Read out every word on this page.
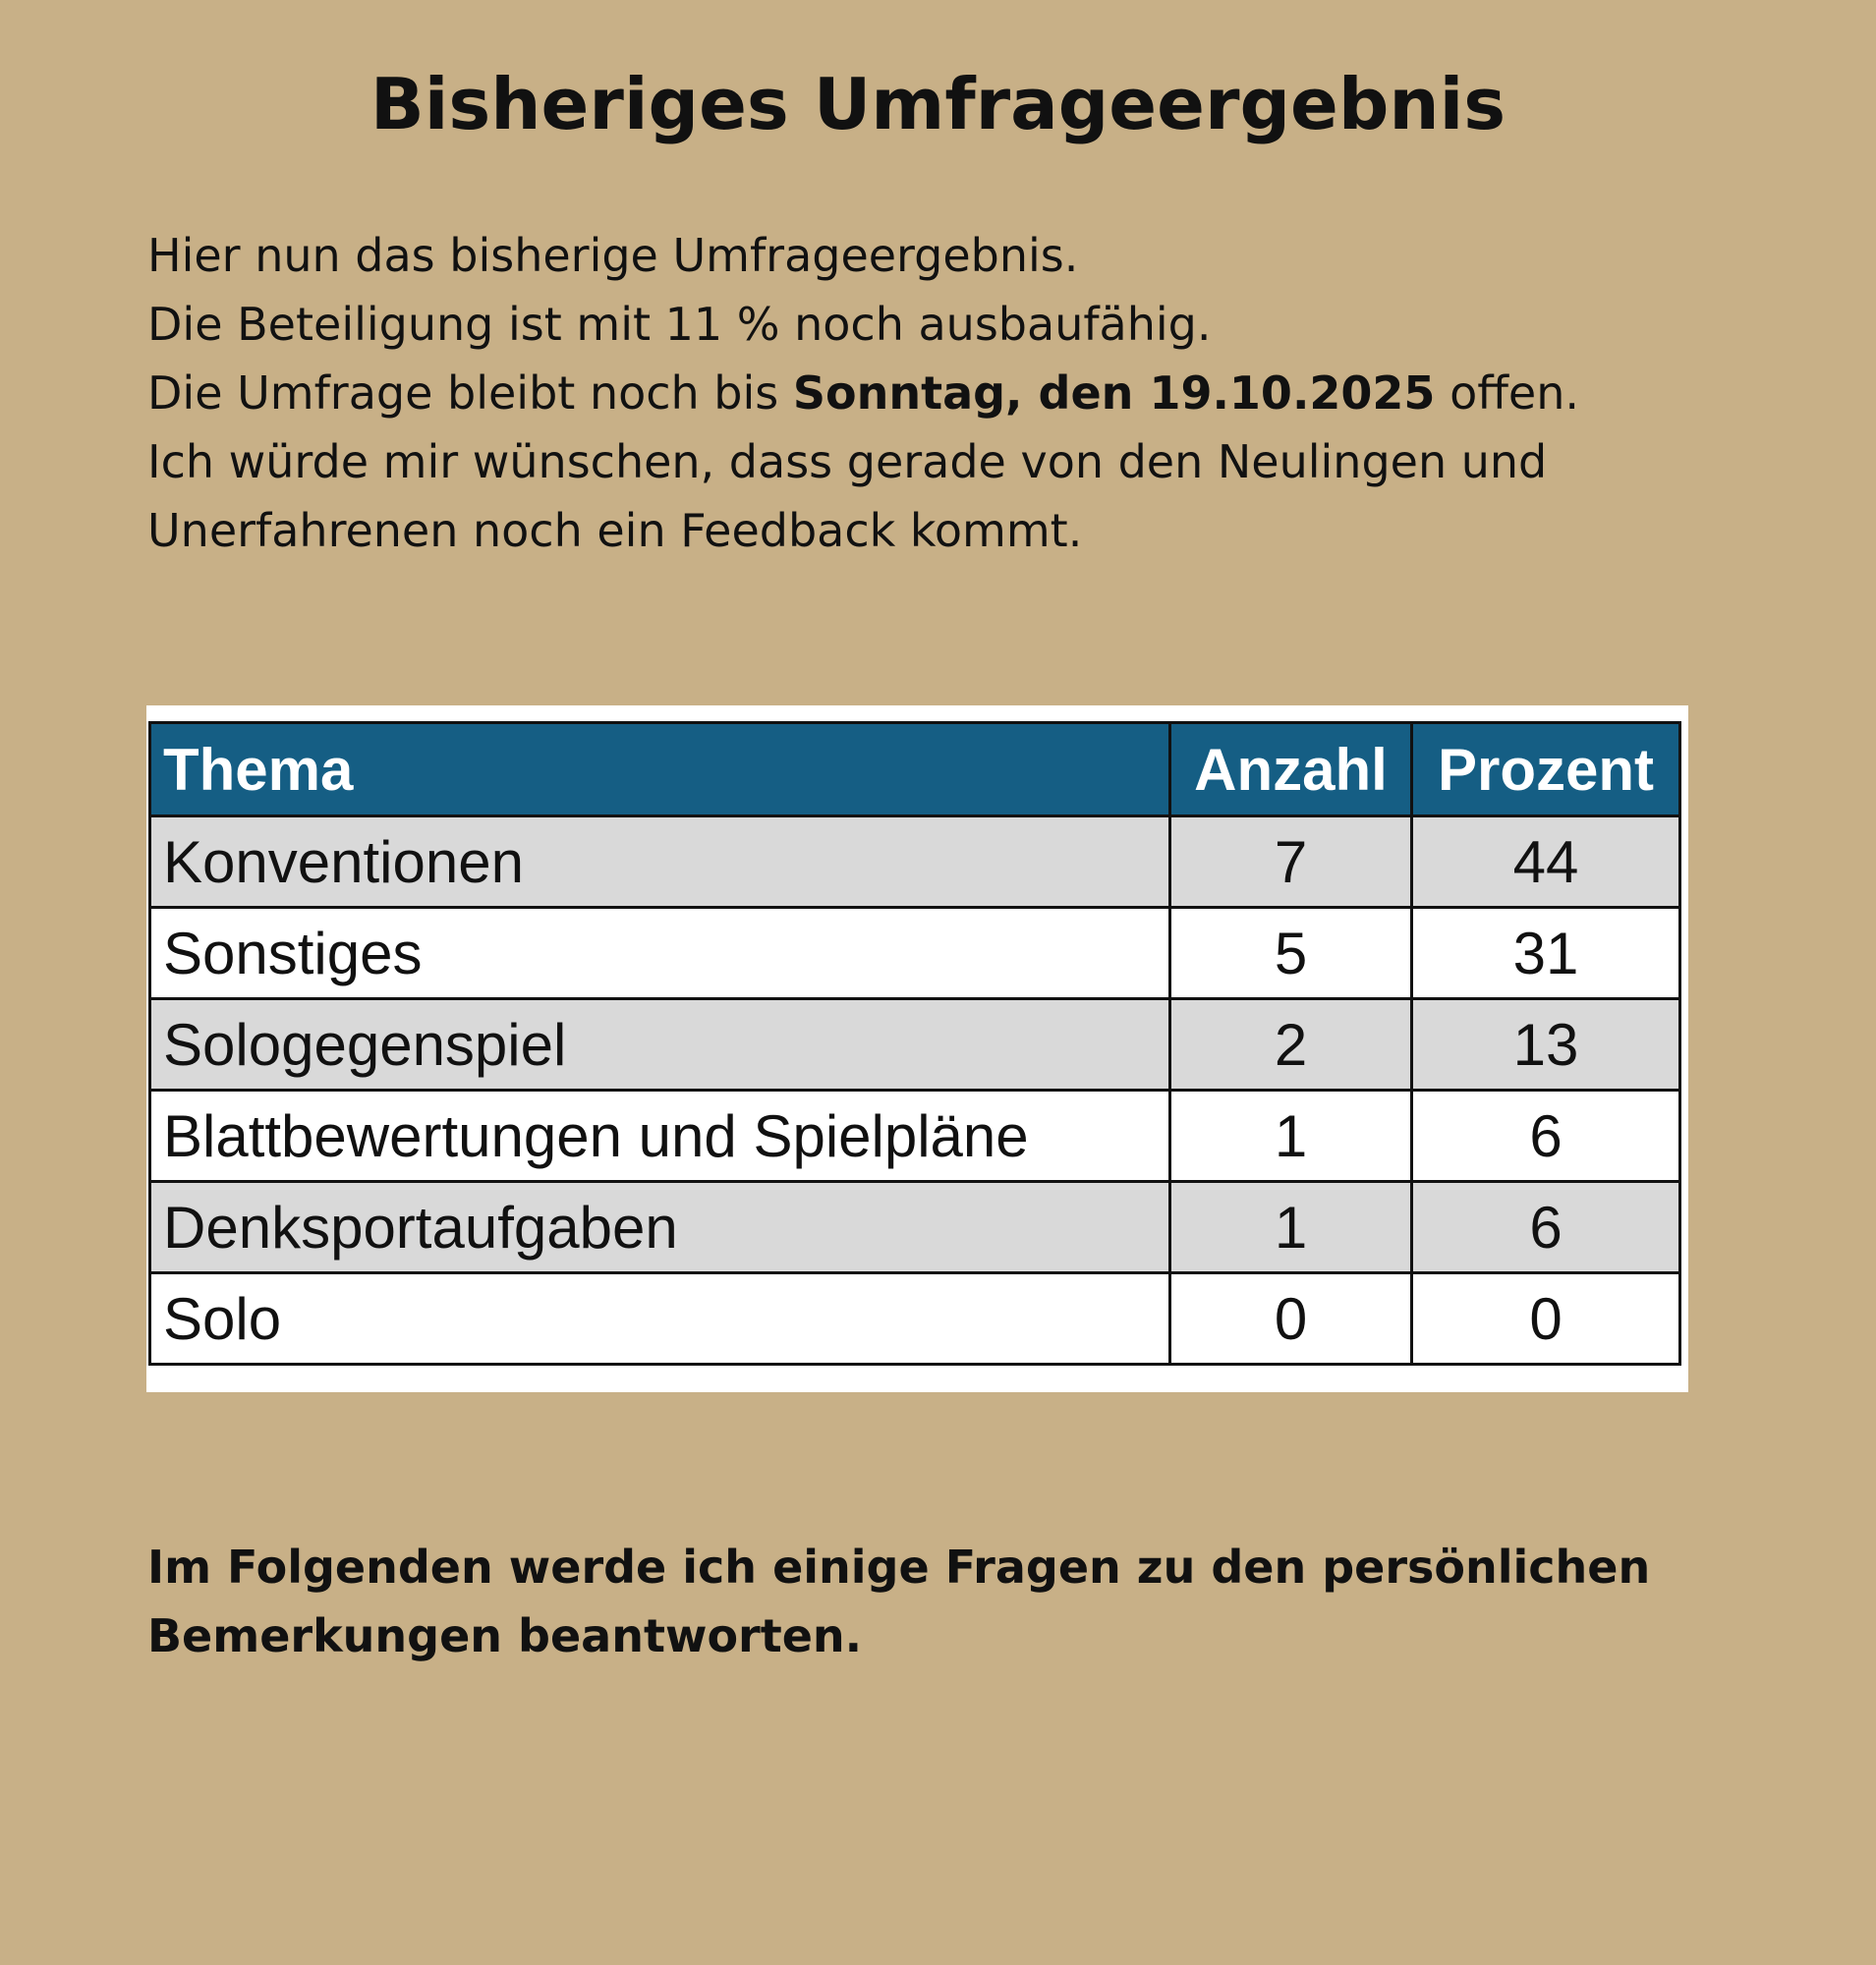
Bisheriges Umfrageergebnis

Hier nun das bisherige Umfrageergebnis.

Die Beteiligung ist mit 11 % noch ausbaufähig.

Die Umfrage bleibt noch bis Sonntag, den 19.10.2025 offen.

Ich würde mir wünschen, dass gerade von den Neulingen und

Unerfahrenen noch ein Feedback kommt.

Thema	Anzahl	Prozent
Konventionen	7	44
Sonstiges	5	31
Sologegenspiel	2	13
Blattbewertungen und Spielpläne	1	6
Denksportaufgaben	1	6
Solo	0	0

Im Folgenden werde ich einige Fragen zu den persönlichen

Bemerkungen beantworten.
